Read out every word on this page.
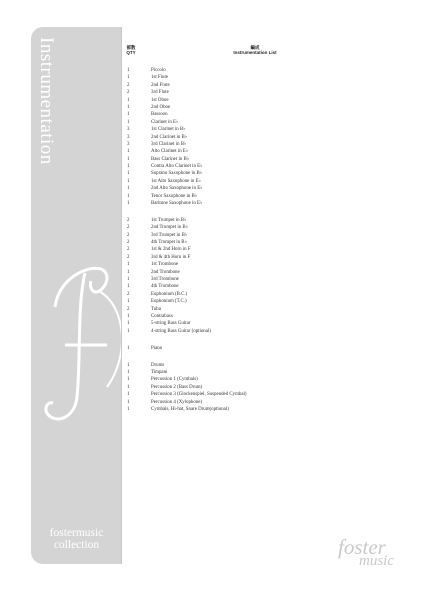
Instrumentation
fostermusic
collection
部数
QTY
編成
Instrumentation List
1	Piccolo
1	1st Flute
2	2nd Flute
2	3rd Flute
1	1st Oboe
1	2nd Oboe
1	Bassoon
1	Clarinet in E♭
3	1st Clarinet in B♭
3	2nd Clarinet in B♭
3	3rd Clarinet in B♭
1	Alto Clarinet in E♭
1	Bass Clarinet in B♭
1	Contra Alto Clarinet in E♭
1	Soprano Saxophone in B♭
1	1st Alto Saxophone in E♭
1	2nd Alto Saxophone in E♭
1	Tenor Saxophone in B♭
1	Baritone Saxophone in E♭
2	1st Trumpet in B♭
2	2nd Trumpet in B♭
2	3rd Trumpet in B♭
2	4th Trumpet in B♭
2	1st & 2nd Horn in F
2	3rd & 4th Horn in F
1	1st Trombone
1	2nd Trombone
1	3rd Trombone
1	4th Trombone
2	Euphonium (B.C.)
1	Euphonium (T.C.)
2	Tuba
1	Contrabass
1	5-string Bass Guitar
1	4-string Bass Guitar (optional)
1	Piano
1	Drums
1	Timpani
1	Percussion 1 (Cymbals)
1	Percussion 2 (Bass Drum)
1	Percussion 3 (Glockenspiel, Suspended Cymbal)
1	Percussion 4 (Xylophone)
1	Cymbals, Hi-hat, Snare Drum(optional)
foster
music
